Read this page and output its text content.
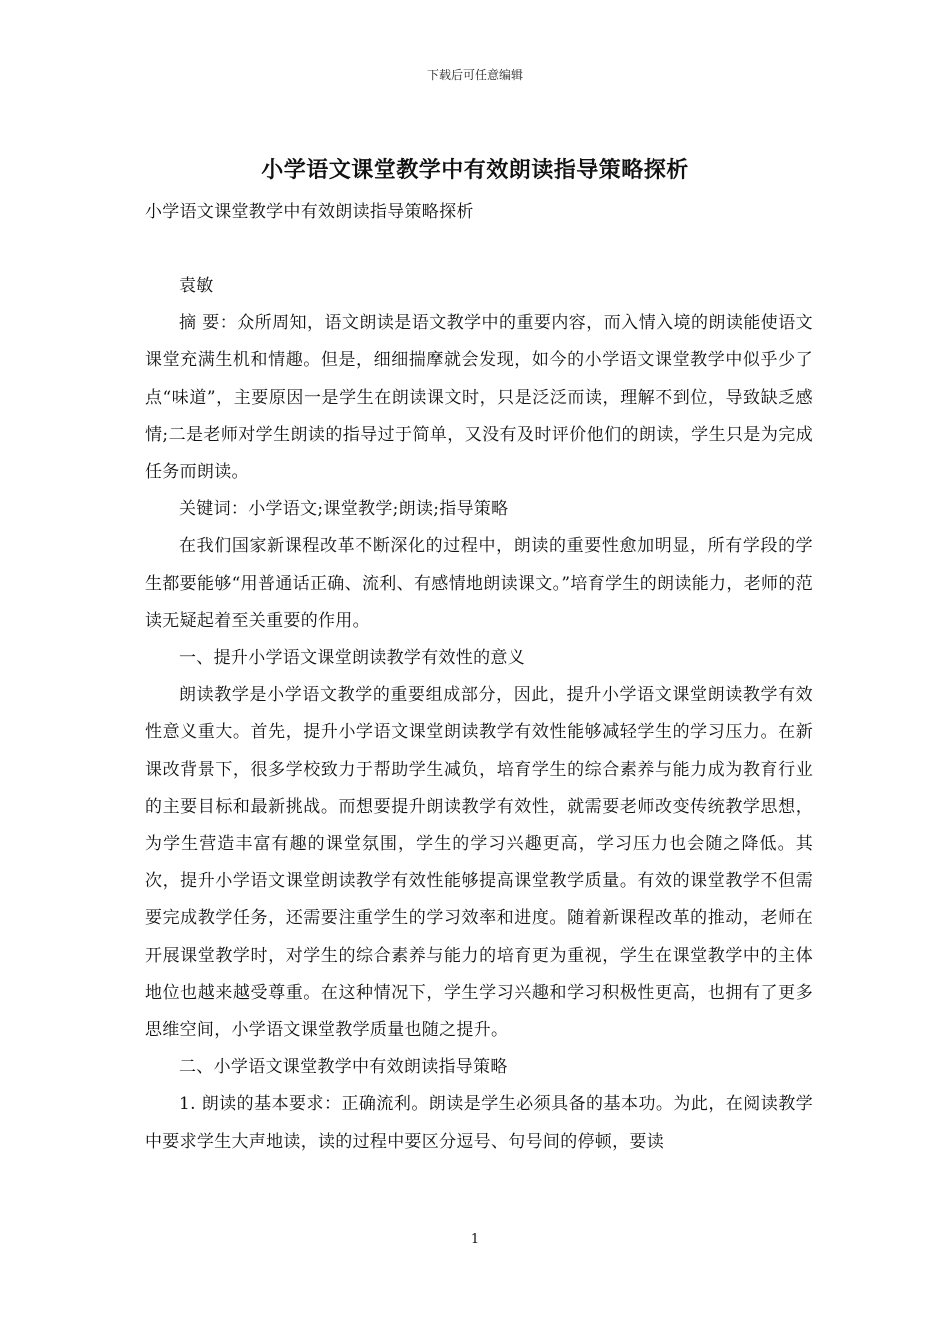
下载后可任意编辑
小学语文课堂教学中有效朗读指导策略探析
小学语文课堂教学中有效朗读指导策略探析

袁敏

摘 要：众所周知，语文朗读是语文教学中的重要内容，而入情入境的朗读能使语文课堂充满生机和情趣。但是，细细揣摩就会发现，如今的小学语文课堂教学中似乎少了点“味道”，主要原因一是学生在朗读课文时，只是泛泛而读，理解不到位，导致缺乏感情;二是老师对学生朗读的指导过于简单，又没有及时评价他们的朗读，学生只是为完成任务而朗读。

关键词：小学语文;课堂教学;朗读;指导策略

在我们国家新课程改革不断深化的过程中，朗读的重要性愈加明显，所有学段的学生都要能够“用普通话正确、流利、有感情地朗读课文。”培育学生的朗读能力，老师的范读无疑起着至关重要的作用。

一、提升小学语文课堂朗读教学有效性的意义

朗读教学是小学语文教学的重要组成部分，因此，提升小学语文课堂朗读教学有效性意义重大。首先，提升小学语文课堂朗读教学有效性能够减轻学生的学习压力。在新课改背景下，很多学校致力于帮助学生减负，培育学生的综合素养与能力成为教育行业的主要目标和最新挑战。而想要提升朗读教学有效性，就需要老师改变传统教学思想，为学生营造丰富有趣的课堂氛围，学生的学习兴趣更高，学习压力也会随之降低。其次，提升小学语文课堂朗读教学有效性能够提高课堂教学质量。有效的课堂教学不但需要完成教学任务，还需要注重学生的学习效率和进度。随着新课程改革的推动，老师在开展课堂教学时，对学生的综合素养与能力的培育更为重视，学生在课堂教学中的主体地位也越来越受尊重。在这种情况下，学生学习兴趣和学习积极性更高，也拥有了更多思维空间，小学语文课堂教学质量也随之提升。

二、小学语文课堂教学中有效朗读指导策略

1. 朗读的基本要求：正确流利。朗读是学生必须具备的基本功。为此，在阅读教学中要求学生大声地读，读的过程中要区分逗号、句号间的停顿，要读

1
